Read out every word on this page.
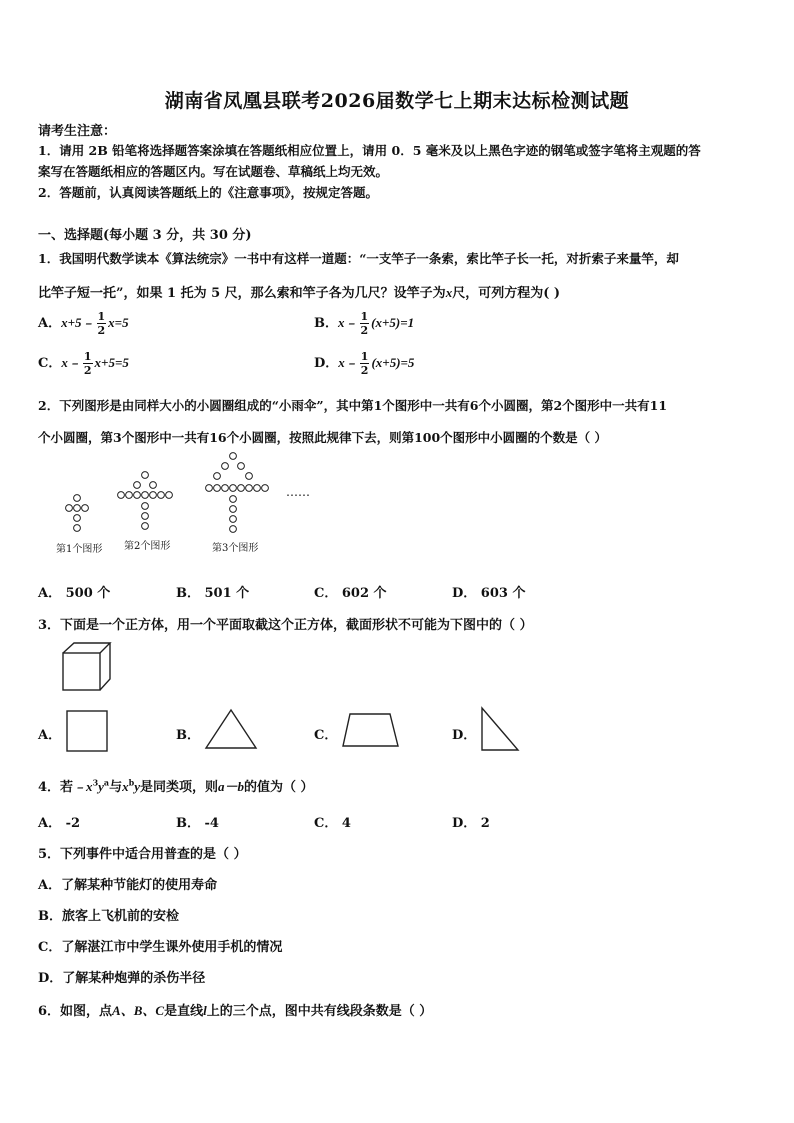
湖南省凤凰县联考2026届数学七上期末达标检测试题
请考生注意：
1．请用 2B 铅笔将选择题答案涂填在答题纸相应位置上，请用 0．5 毫米及以上黑色字迹的钢笔或签字笔将主观题的答
案写在答题纸相应的答题区内。写在试题卷、草稿纸上均无效。
2．答题前，认真阅读答题纸上的《注意事项》，按规定答题。
一、选择题(每小题 3 分，共 30 分)
1．我国明代数学读本《算法统宗》一书中有这样一道题：“一支竿子一条索，索比竿子长一托，对折索子来量竿，却
比竿子短一托”，如果 1 托为 5 尺，那么索和竿子各为几尺？设竿子为x尺，可列方程为( )
A．x+5﹣ $\frac{1}{2} x=5$	B．x﹣ $\frac{1}{2} (x+5)=1$
C．x﹣ $\frac{1}{2} x+5=5$	D．x﹣ $\frac{1}{2} (x+5)=5$
2．下列图形是由同样大小的小圆圈组成的“小雨伞”，其中第1个图形中一共有6个小圆圈，第2个图形中一共有11
个小圆圈，第3个图形中一共有16个小圆圈，按照此规律下去，则第100个图形中小圆圈的个数是（ ）
……
第1个图形 第2个图形	第3个图形
A． 500 个	B． 501 个	C． 602 个	D． 603 个
3．下面是一个正方体，用一个平面取截这个正方体，截面形状不可能为下图中的（ ）
A．	B．	C．	D．
4．若$﹣x^3y^a$与$x^by$是同类项，则a－b的值为（ ）
A． -2	B． -4	C． 4	D． 2
5．下列事件中适合用普查的是（ ）
A．了解某种节能灯的使用寿命
B．旅客上飞机前的安检
C．了解湛江市中学生课外使用手机的情况
D．了解某种炮弹的杀伤半径
6．如图，点A、B、C是直线l上的三个点，图中共有线段条数是（ ）
